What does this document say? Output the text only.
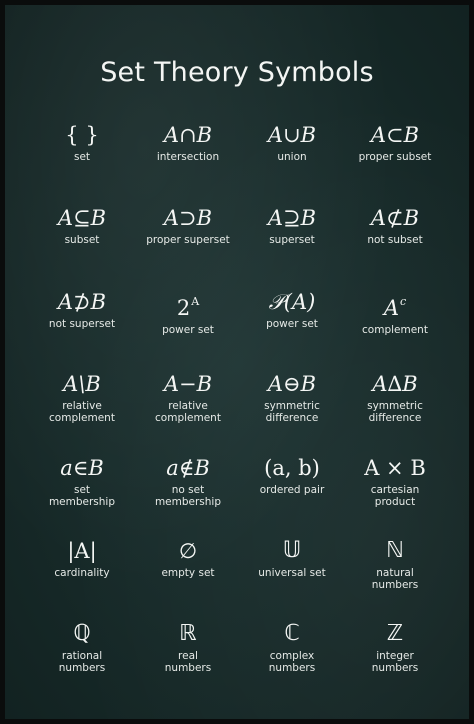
Set Theory Symbols
{ }
set
A∩B
intersection
A∪B
union
A⊂B
proper subset
A⊆B
subset
A⊃B
proper superset
A⊇B
superset
A⊄B
not subset
A⊅B
not superset
$2^A$
power set
𝒫(A)
power set
$A^c$
complement
A\B
relative
complement
A−B
relative
complement
A⊖B
symmetric
difference
A∆B
symmetric
difference
a∈B
set
membership
a∉B
no set
membership
(a, b)
ordered pair
A × B
cartesian
product
|A|
cardinality
∅
empty set
𝕌
universal set
ℕ
natural
numbers
ℚ
rational
numbers
ℝ
real
numbers
ℂ
complex
numbers
ℤ
integer
numbers
